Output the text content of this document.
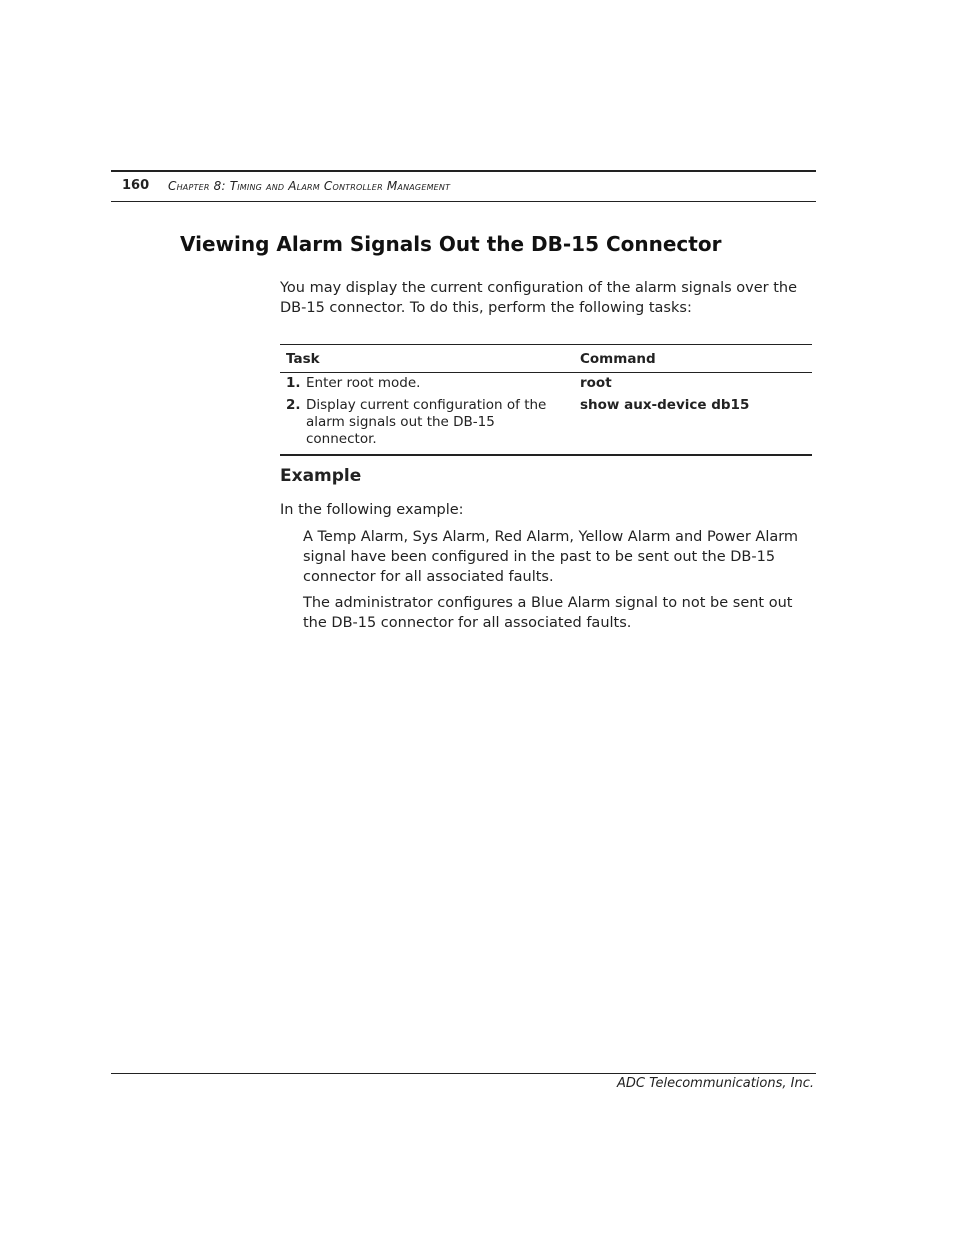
160 Chapter 8: Timing and Alarm Controller Management
Viewing Alarm Signals Out the DB-15 Connector
You may display the current configuration of the alarm signals over the DB-15 connector. To do this, perform the following tasks:
Task	Command

1. Enter root mode.	root

2. Display current configuration of the alarm signals out the DB-15 connector.	show aux-device db15
Example
In the following example:
A Temp Alarm, Sys Alarm, Red Alarm, Yellow Alarm and Power Alarm signal have been configured in the past to be sent out the DB-15 connector for all associated faults.
The administrator configures a Blue Alarm signal to not be sent out the DB-15 connector for all associated faults.
ADC Telecommunications, Inc.
